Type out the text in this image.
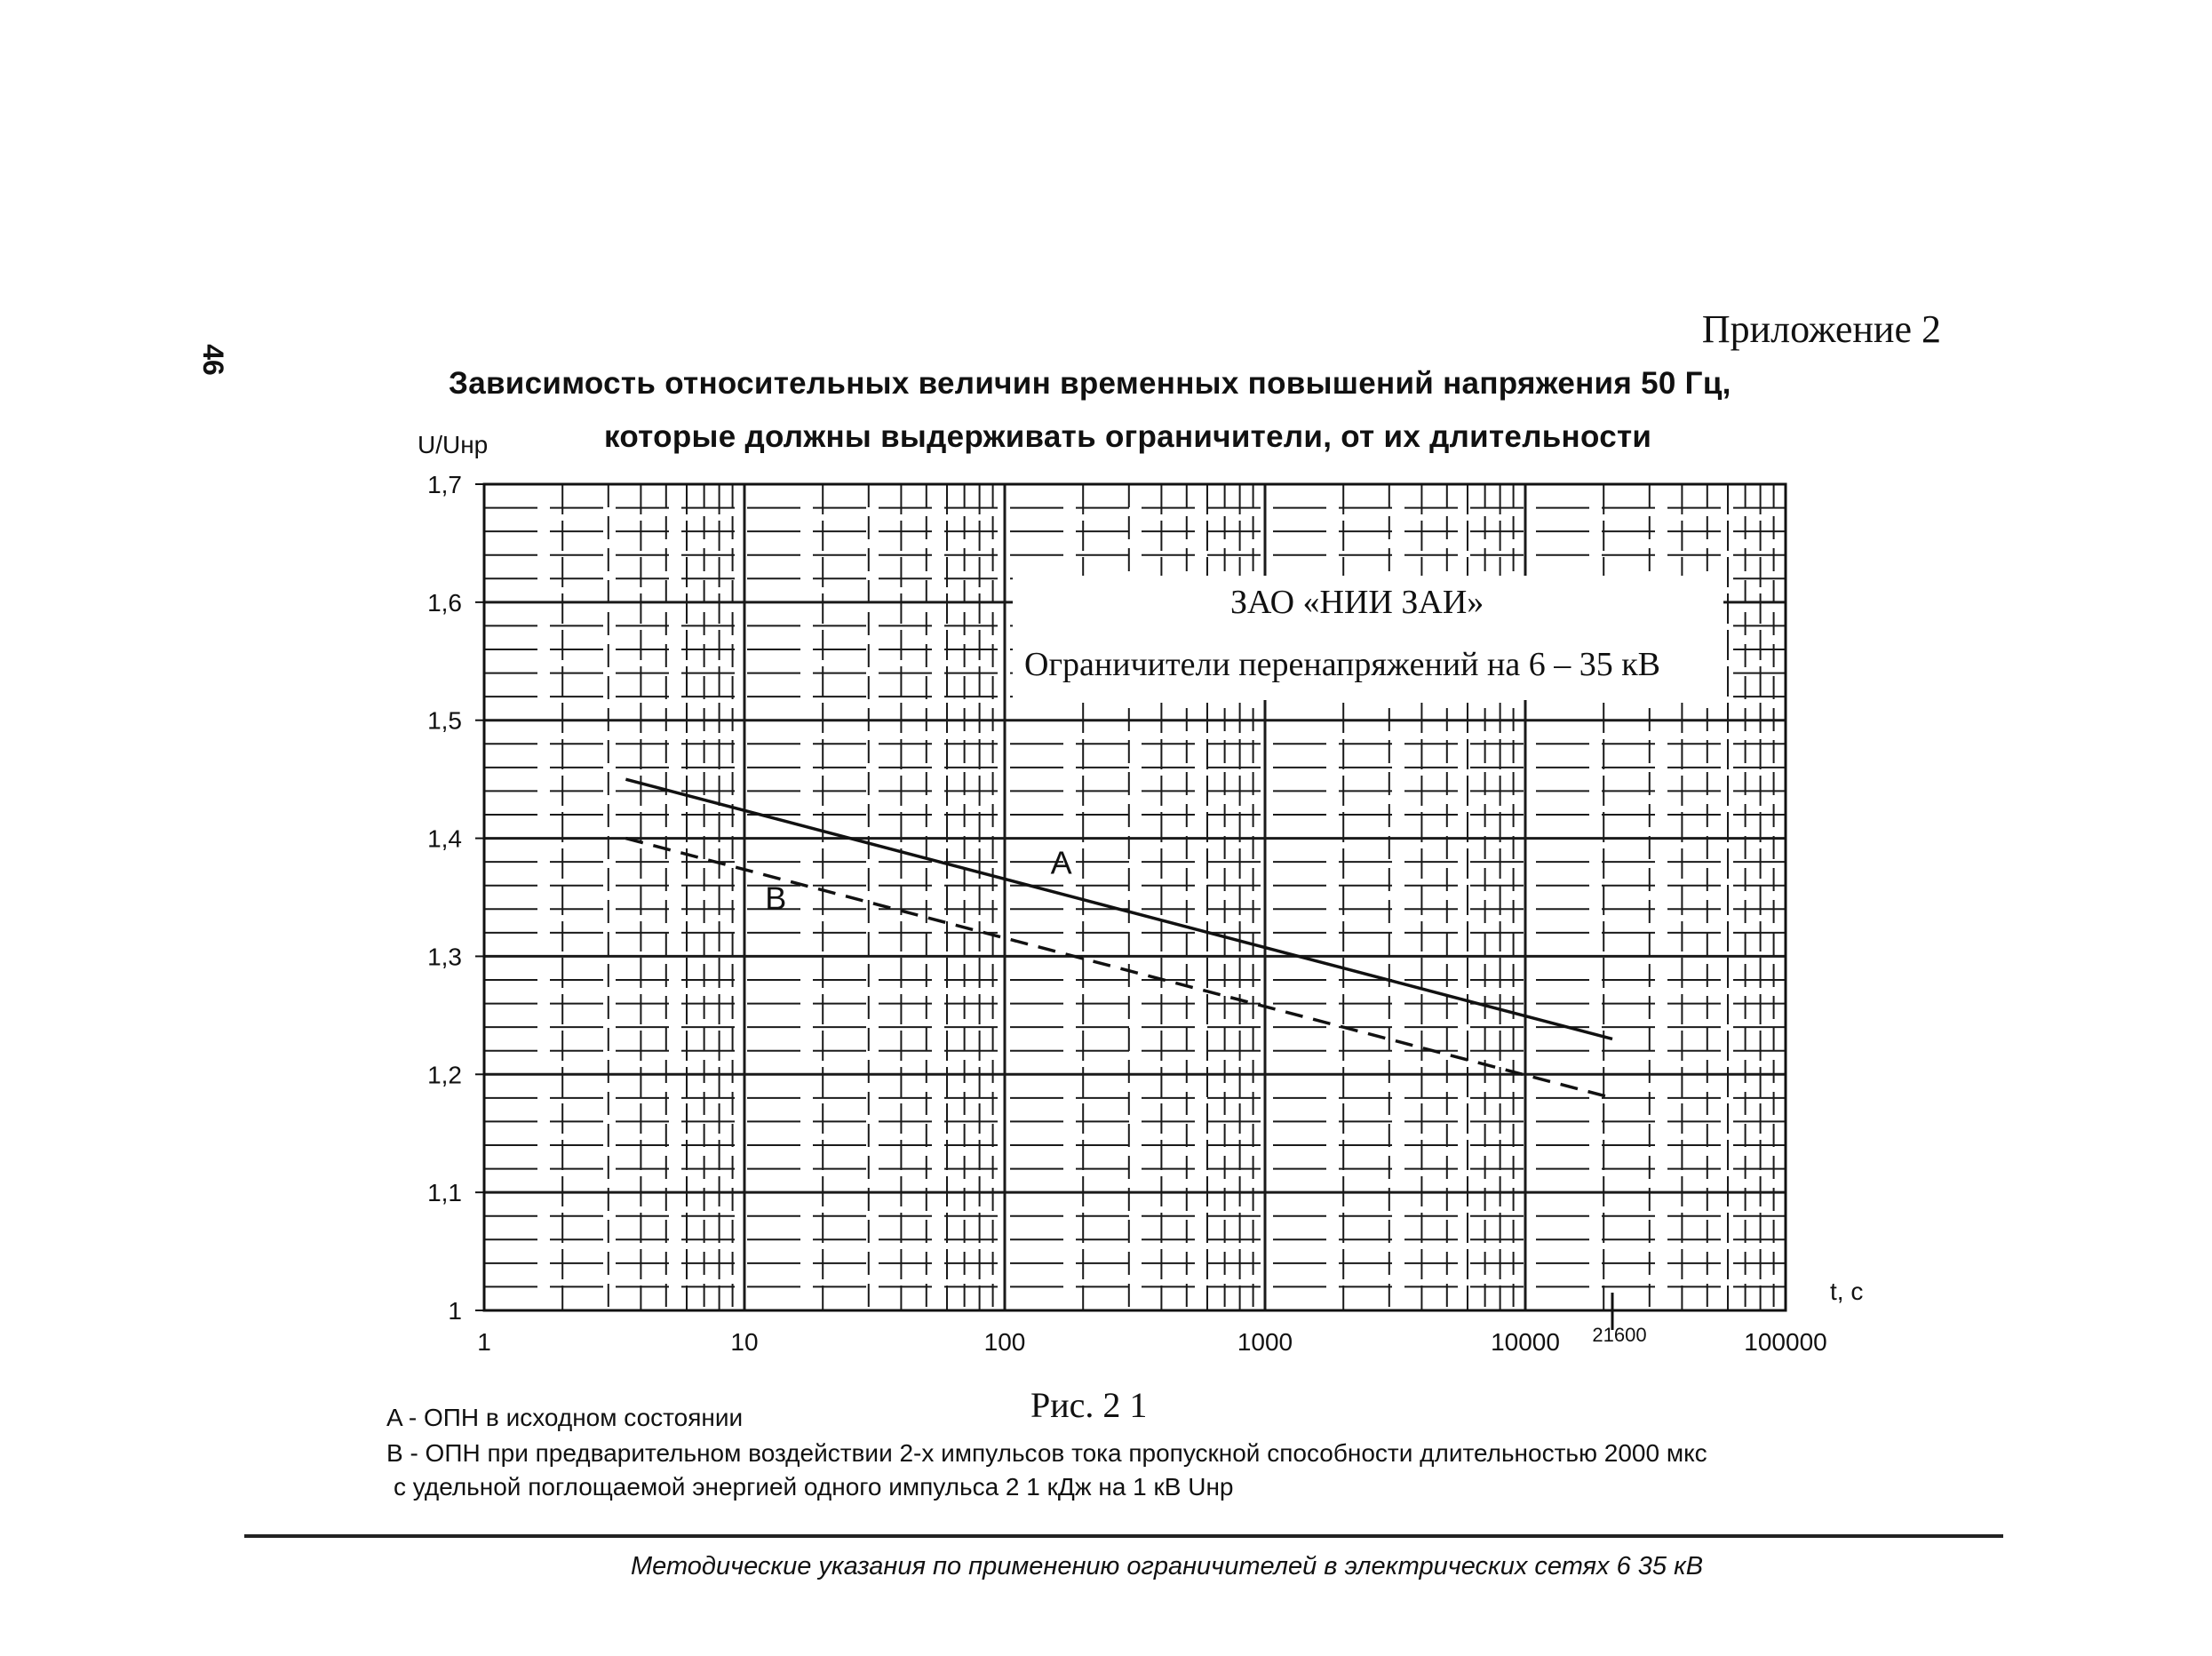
46
Приложение 2
Зависимость относительных величин временных повышений напряжения 50 Гц,
которые должны выдерживать ограничители, от их длительности
ЗАО «НИИ ЗАИ»
Ограничители перенапряжений на 6 – 35 кВ
A
B
1
1,1
1,2
1,3
1,4
1,5
1,6
1,7
1	10	100	1000	10000	100000
21600
U/Uнр
t, c
Рис. 2 1
A - ОПН в исходном состоянии
B - ОПН при предварительном воздействии 2-х импульсов тока пропускной способности длительностью 2000 мкс
с удельной поглощаемой энергией одного импульса 2 1 кДж на 1 кВ Uнр
Методические указания по применению ограничителей в электрических сетях 6 35 кВ
